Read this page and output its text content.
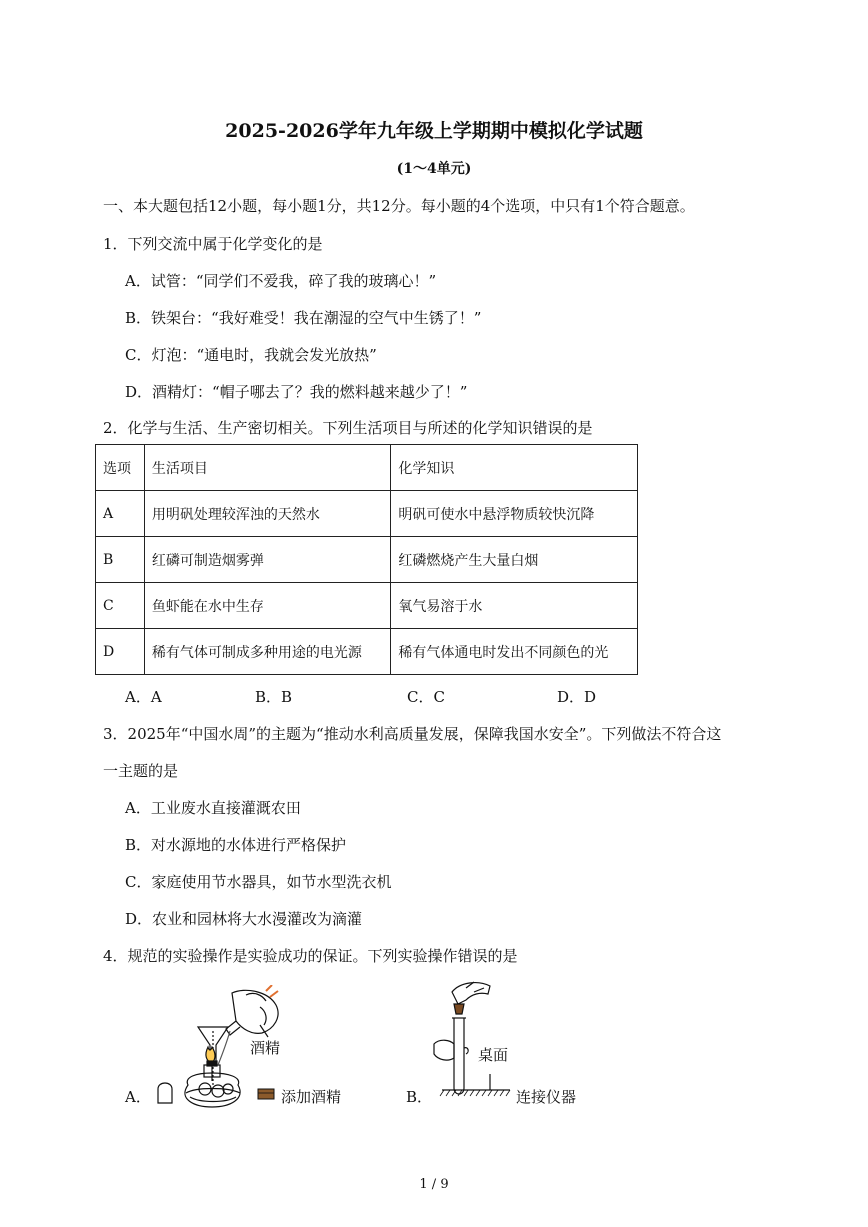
2025-2026学年九年级上学期期中模拟化学试题
(1～4单元)
一、本大题包括12小题，每小题1分，共12分。每小题的4个选项，中只有1个符合题意。
1．下列交流中属于化学变化的是
A．试管：“同学们不爱我，碎了我的玻璃心！”
B．铁架台：“我好难受！我在潮湿的空气中生锈了！”
C．灯泡：“通电时，我就会发光放热”
D．酒精灯：“帽子哪去了？我的燃料越来越少了！”
2．化学与生活、生产密切相关。下列生活项目与所述的化学知识错误的是
选项	生活项目	化学知识
A	用明矾处理较浑浊的天然水	明矾可使水中悬浮物质较快沉降
B	红磷可制造烟雾弹	红磷燃烧产生大量白烟
C	鱼虾能在水中生存	氧气易溶于水
D	稀有气体可制成多种用途的电光源	稀有气体通电时发出不同颜色的光
A．A	B．B	C．C	D．D
3．2025年“中国水周”的主题为“推动水利高质量发展，保障我国水安全”。下列做法不符合这
一主题的是
A．工业废水直接灌溉农田
B．对水源地的水体进行严格保护
C．家庭使用节水器具，如节水型洗衣机
D．农业和园林将大水漫灌改为滴灌
4．规范的实验操作是实验成功的保证。下列实验操作错误的是
A．
酒精
添加酒精	B．
桌面
连接仪器
1 / 9
